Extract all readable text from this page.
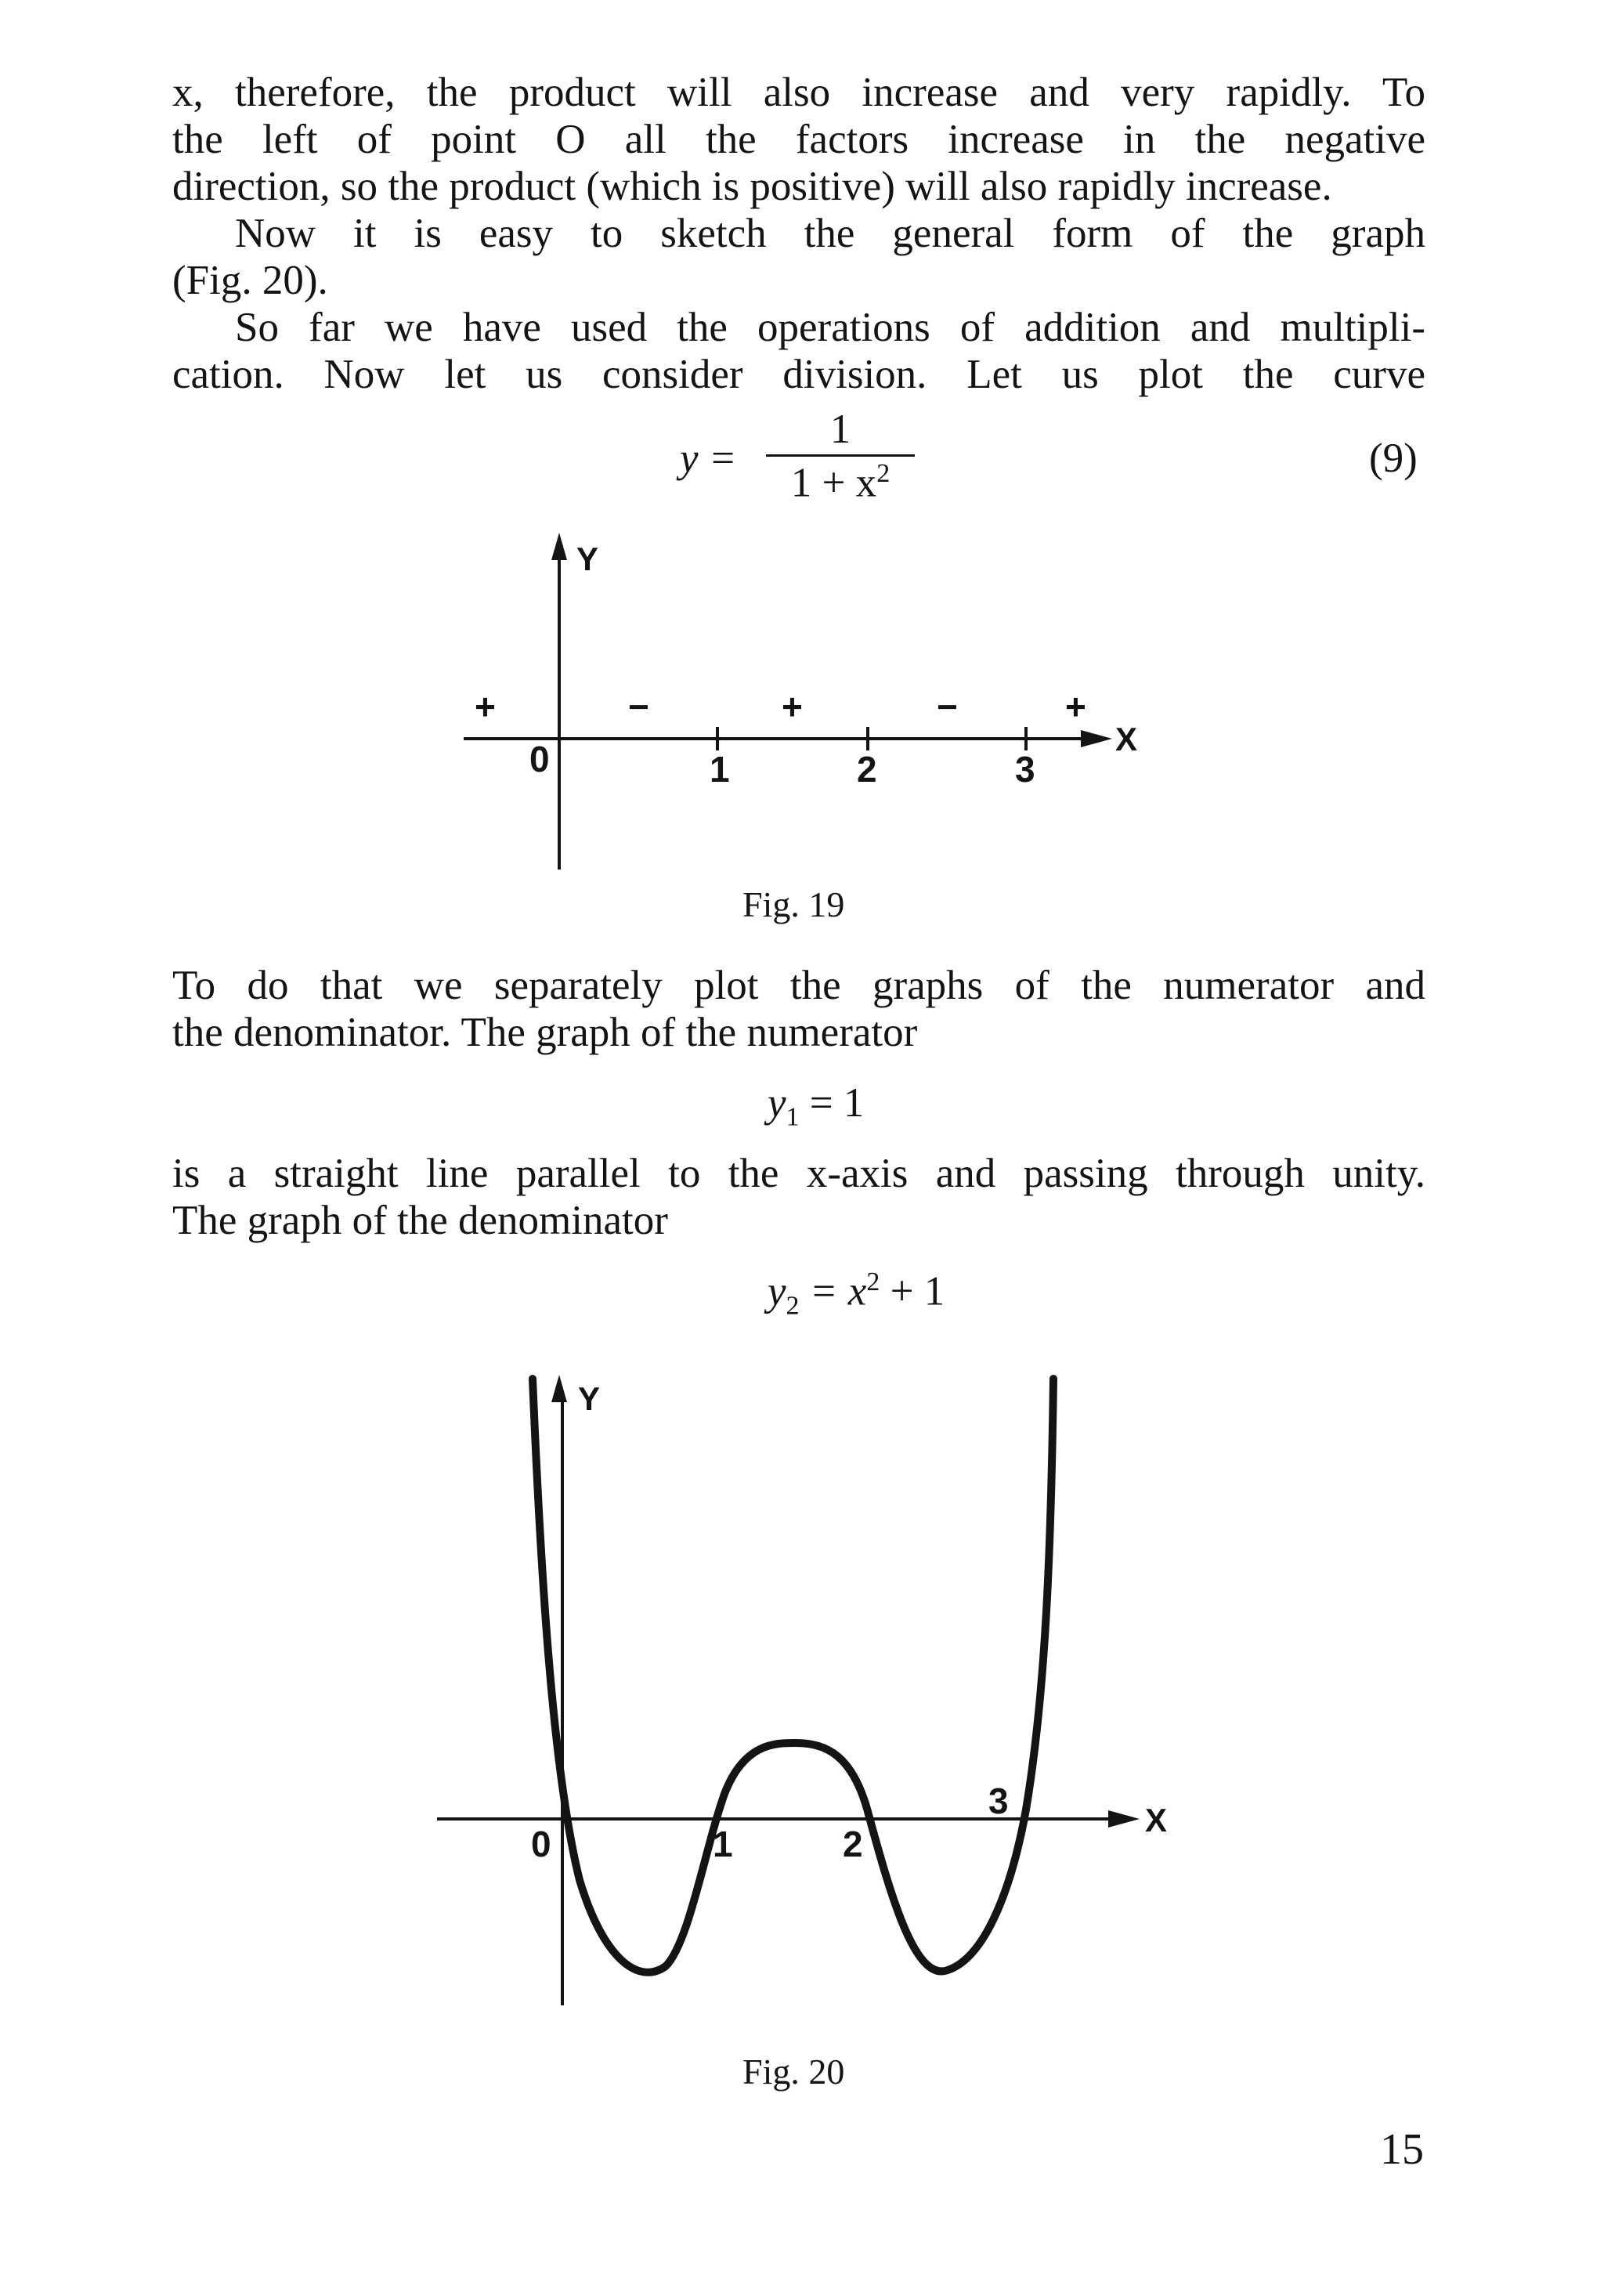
x, therefore, the product will also increase and very rapidly. To
the left of point O all the factors increase in the negative
direction, so the product (which is positive) will also rapidly increase.
Now it is easy to sketch the general form of the graph
(Fig. 20).
So far we have used the operations of addition and multipli-
cation. Now let us consider division. Let us plot the curve
y =
1
$1 + x^2$	(9)
Y
X
0	1	2	3
+	−	+	−	+
Fig. 19
To do that we separately plot the graphs of the numerator and
the denominator. The graph of the numerator
$y_1 = 1$
is a straight line parallel to the x-axis and passing through unity.
The graph of the denominator
$y_2 = x^2 + 1$
Y
X
0	1	2
3
Fig. 20
15
